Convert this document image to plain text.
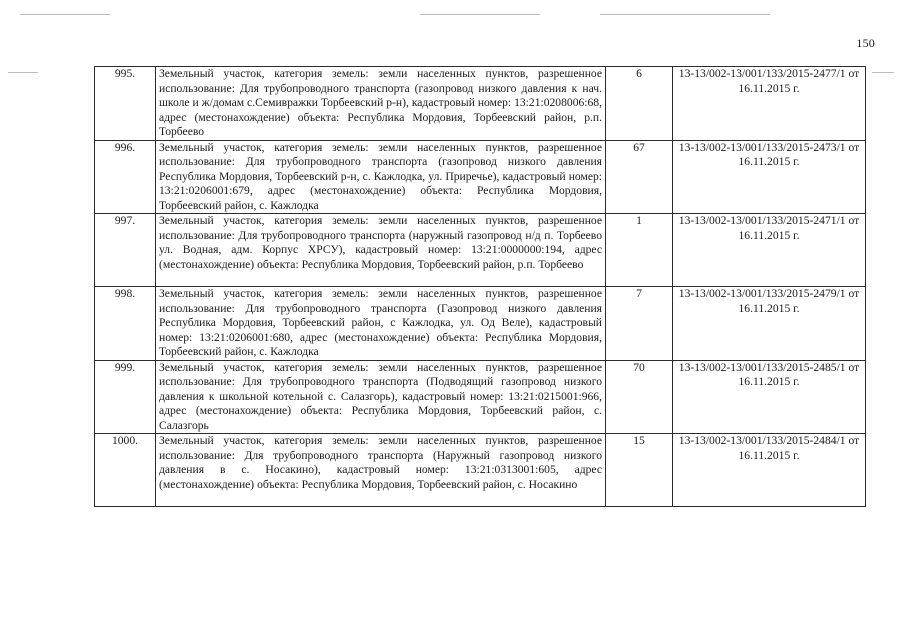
150
995.	Земельный участок, категория земель: земли населенных пунктов, разрешенное использование: Для трубопроводного транспорта (газопровод низкого давления к нач. школе и ж/домам с.Семивражки Торбеевский р-н), кадастровый номер: 13:21:0208006:68, адрес (местонахождение) объекта: Республика Мордовия, Торбеевский район, р.п. Торбеево	6	13-13/002-13/001/133/2015-2477/1 от 16.11.2015 г.
996.	Земельный участок, категория земель: земли населенных пунктов, разрешенное использование: Для трубопроводного транспорта (газопровод низкого давления Республика Мордовия, Торбеевский р-н, с. Кажлодка, ул. Приречье), кадастровый номер: 13:21:0206001:679, адрес (местонахождение) объекта: Республика Мордовия, Торбеевский район, с. Кажлодка	67	13-13/002-13/001/133/2015-2473/1 от 16.11.2015 г.
997.	Земельный участок, категория земель: земли населенных пунктов, разрешенное использование: Для трубопроводного транспорта (наружный газопровод н/д п. Торбеево ул. Водная, адм. Корпус ХРСУ), кадастровый номер: 13:21:0000000:194, адрес (местонахождение) объекта: Республика Мордовия, Торбеевский район, р.п. Торбеево	1	13-13/002-13/001/133/2015-2471/1 от 16.11.2015 г.
998.	Земельный участок, категория земель: земли населенных пунктов, разрешенное использование: Для трубопроводного транспорта (Газопровод низкого давления Республика Мордовия, Торбеевский район, с Кажлодка, ул. Од Веле), кадастровый номер: 13:21:0206001:680, адрес (местонахождение) объекта: Республика Мордовия, Торбеевский район, с. Кажлодка	7	13-13/002-13/001/133/2015-2479/1 от 16.11.2015 г.
999.	Земельный участок, категория земель: земли населенных пунктов, разрешенное использование: Для трубопроводного транспорта (Подводящий газопровод низкого давления к школьной котельной с. Салазгорь), кадастровый номер: 13:21:0215001:966, адрес (местонахождение) объекта: Республика Мордовия, Торбеевский район, с. Салазгорь	70	13-13/002-13/001/133/2015-2485/1 от 16.11.2015 г.
1000.	Земельный участок, категория земель: земли населенных пунктов, разрешенное использование: Для трубопроводного транспорта (Наружный газопровод низкого давления в с. Носакино), кадастровый номер: 13:21:0313001:605, адрес (местонахождение) объекта: Республика Мордовия, Торбеевский район, с. Носакино	15	13-13/002-13/001/133/2015-2484/1 от 16.11.2015 г.
